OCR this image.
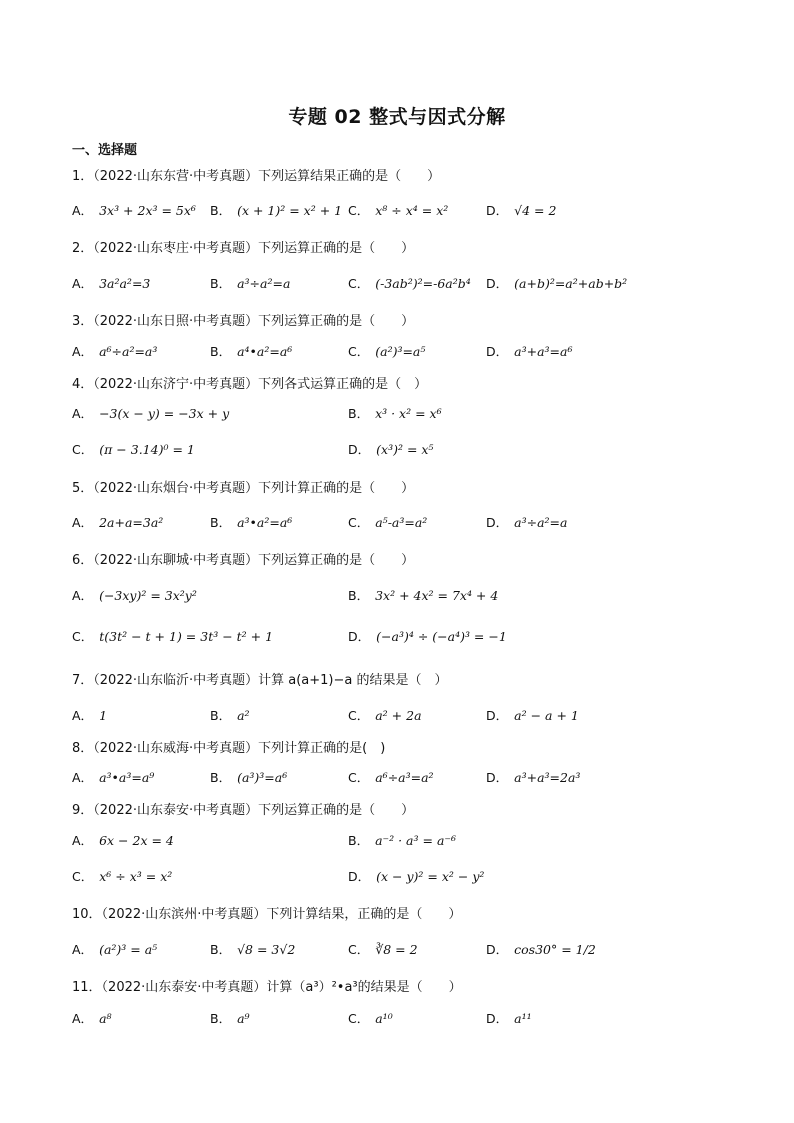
专题 02 整式与因式分解
一、选择题
1．（2022·山东东营·中考真题）下列运算结果正确的是（　　）
A． 3x³ + 2x³ = 5x⁶ B． (x + 1)² = x² + 1 C． x⁸ ÷ x⁴ = x²	D． √4 = 2
2．（2022·山东枣庄·中考真题）下列运算正确的是（　　）
A． 3a²a²=3	B． a³÷a²=a	C． (-3ab²)²=-6a²b⁴ D． (a+b)²=a²+ab+b²
3．（2022·山东日照·中考真题）下列运算正确的是（　　）
A． a⁶÷a²=a³	B． a⁴•a²=a⁶	C． (a²)³=a⁵	D． a³+a³=a⁶
4．（2022·山东济宁·中考真题）下列各式运算正确的是（　）
A． −3(x − y) = −3x + y	B． x³ · x² = x⁶
C． (π − 3.14)⁰ = 1	D． (x³)² = x⁵
5．（2022·山东烟台·中考真题）下列计算正确的是（　　）
A． 2a+a=3a²	B． a³•a²=a⁶	C． a⁵-a³=a²	D． a³÷a²=a
6．（2022·山东聊城·中考真题）下列运算正确的是（　　）
A． (−3xy)² = 3x²y²	B． 3x² + 4x² = 7x⁴ + 4
C． t(3t² − t + 1) = 3t³ − t² + 1	D． (−a³)⁴ ÷ (−a⁴)³ = −1
7．（2022·山东临沂·中考真题）计算 a(a+1)−a 的结果是（　）
A． 1	B． a²	C． a² + 2a	D． a² − a + 1
8．（2022·山东威海·中考真题）下列计算正确的是(　)
A． a³•a³=a⁹	B． (a³)³=a⁶	C． a⁶÷a³=a²	D． a³+a³=2a³
9．（2022·山东泰安·中考真题）下列运算正确的是（　　）
A． 6x − 2x = 4	B． a⁻² · a³ = a⁻⁶
C． x⁶ ÷ x³ = x²	D． (x − y)² = x² − y²
10．（2022·山东滨州·中考真题）下列计算结果，正确的是（　　）
A． (a²)³ = a⁵	B． √8 = 3√2	C． ∛8 = 2	D． cos30° = 1/2
11．（2022·山东泰安·中考真题）计算（a³）²•a³的结果是（　　）
A． a⁸	B． a⁹	C． a¹⁰	D． a¹¹
